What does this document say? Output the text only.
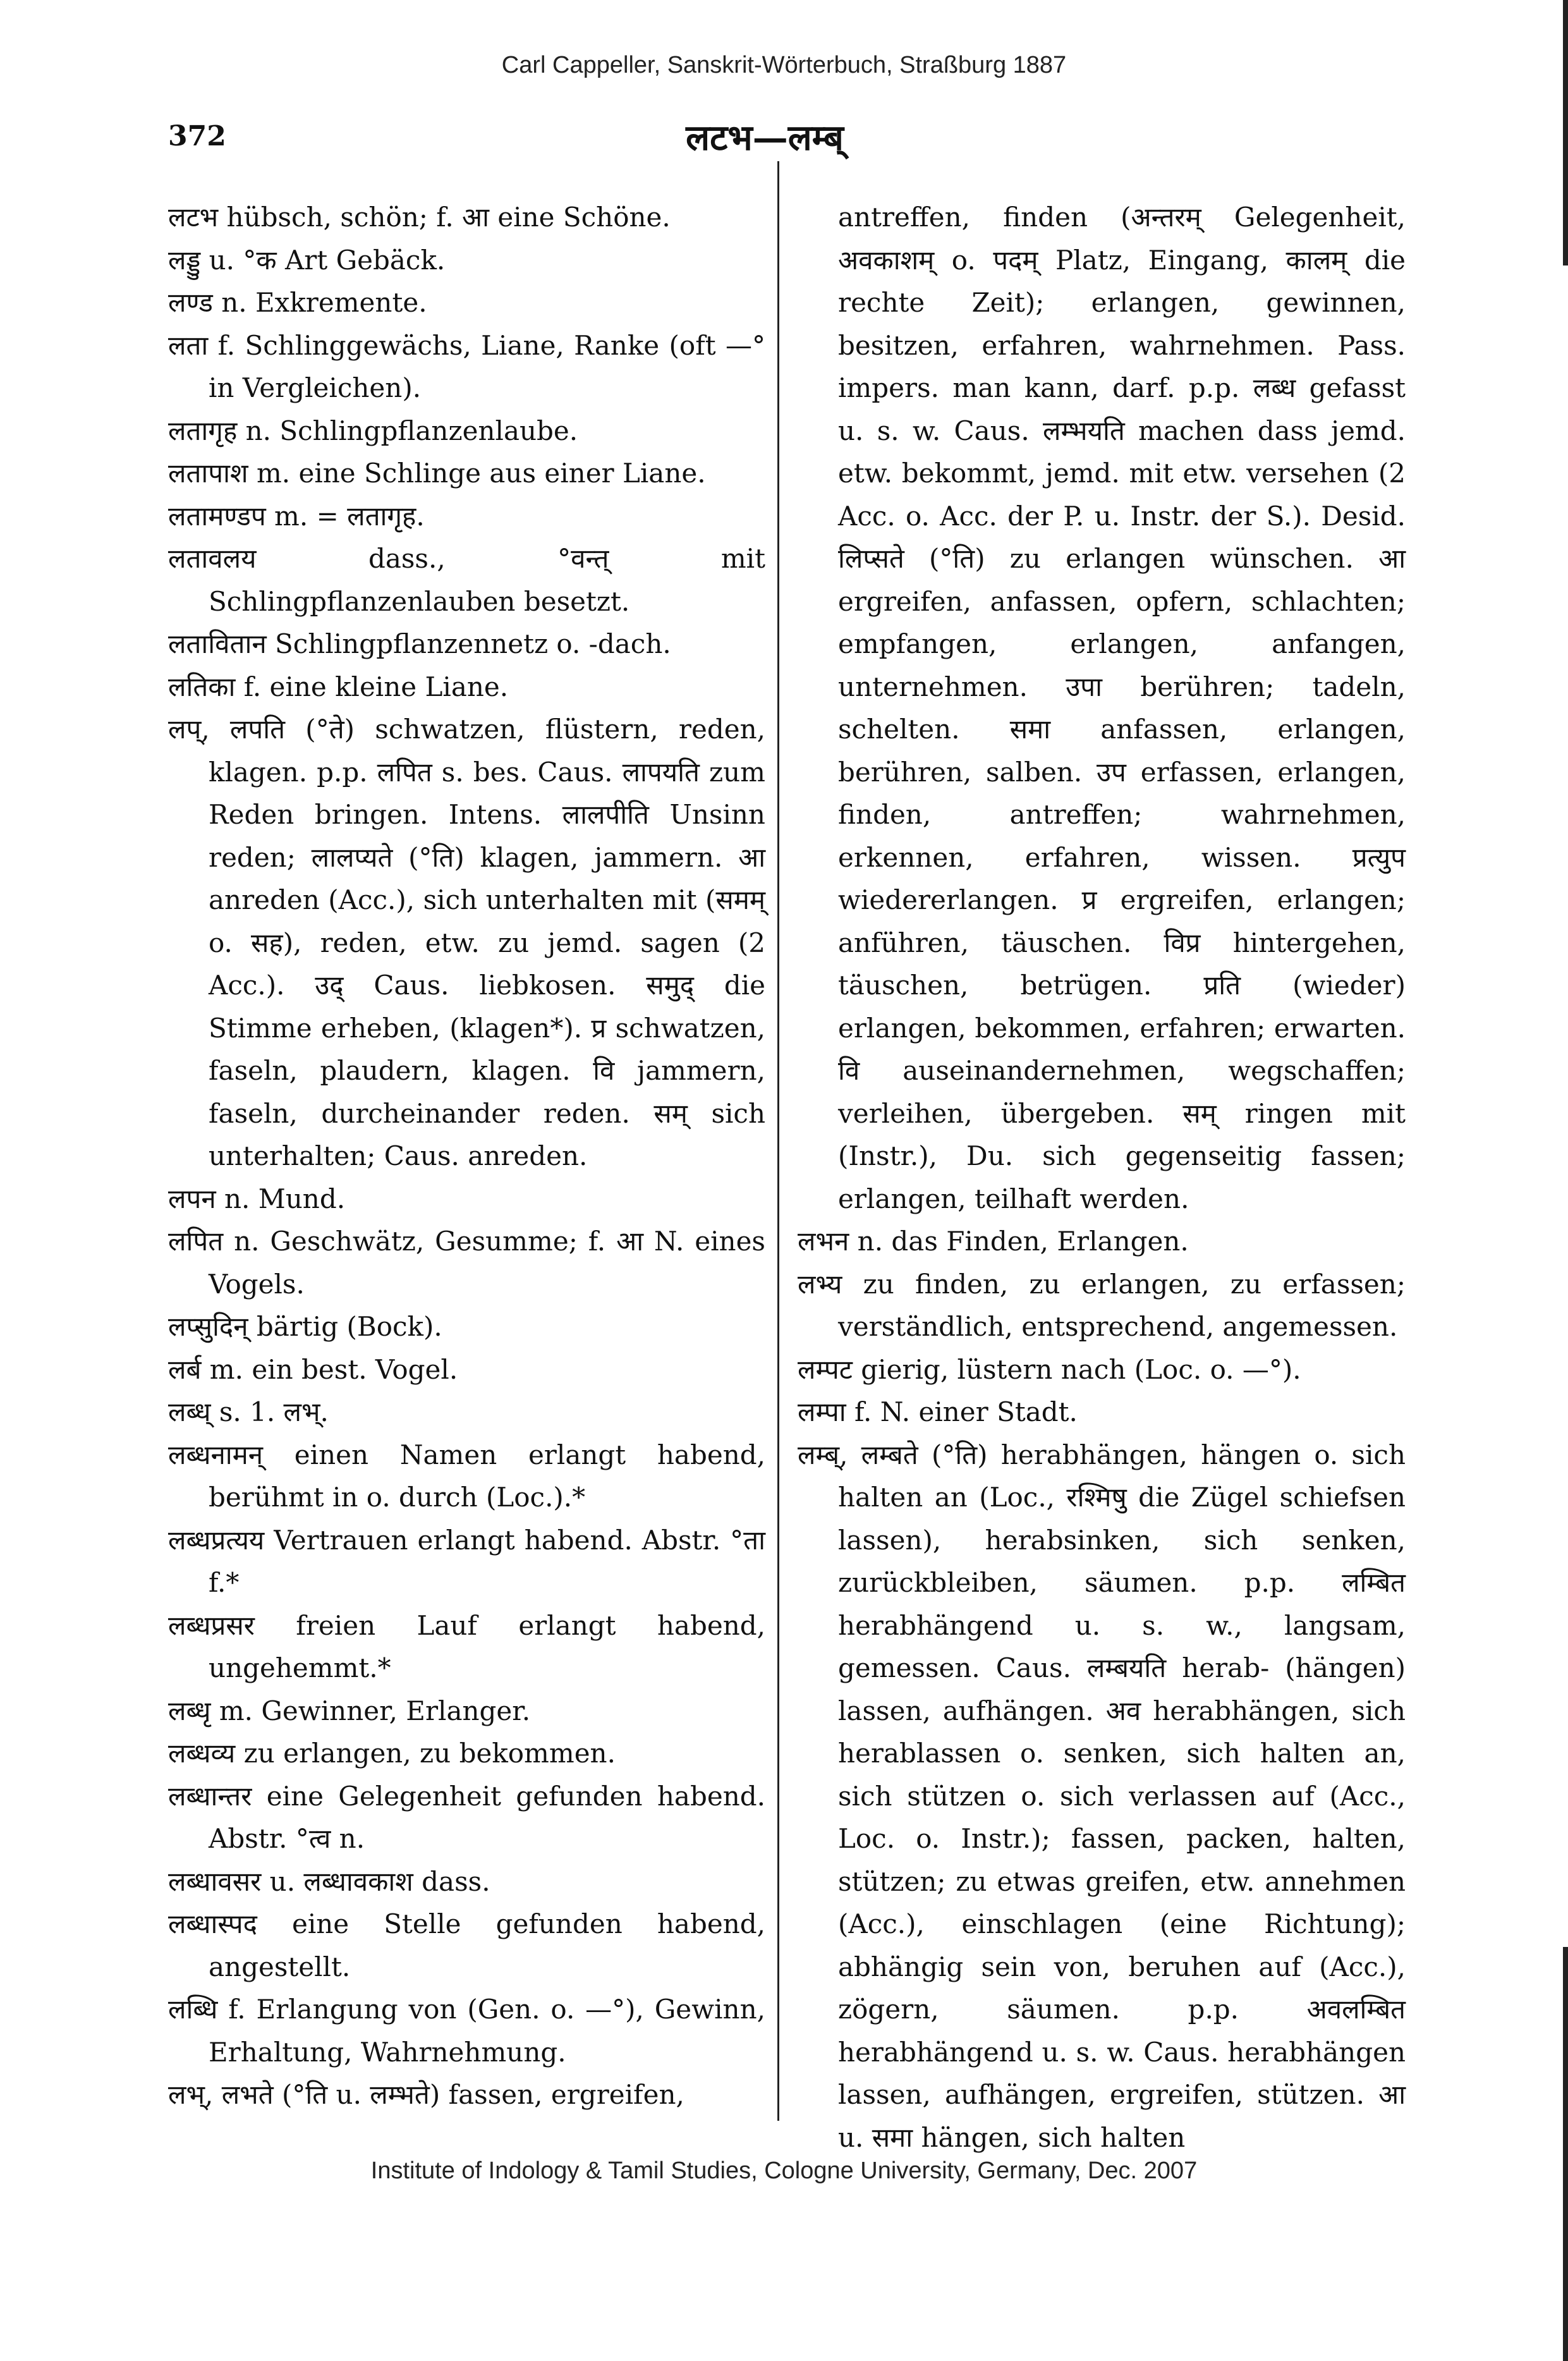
Carl Cappeller, Sanskrit-Wörterbuch, Straßburg 1887
372	लटभ—लम्ब्
लटभ hübsch, schön; f. आ eine Schöne.
लड्डु u. °क Art Gebäck.
लण्ड n. Exkremente.
लता f. Schlinggewächs, Liane, Ranke (oft —° in Vergleichen).
लतागृह n. Schlingpflanzenlaube.
लतापाश m. eine Schlinge aus einer Liane.
लतामण्डप m. = लतागृह.
लतावलय dass., °वन्त् mit Schlingpflanzenlauben besetzt.
लतावितान Schlingpflanzennetz o. -dach.
लतिका f. eine kleine Liane.
लप्, लपति (°ते) schwatzen, flüstern, reden, klagen. p.p. लपित s. bes. Caus. लापयति zum Reden bringen. Intens. लालपीति Unsinn reden; लालप्यते (°ति) klagen, jammern. आ anreden (Acc.), sich unterhalten mit (समम् o. सह), reden, etw. zu jemd. sagen (2 Acc.). उद् Caus. liebkosen. समुद् die Stimme erheben, (klagen*). प्र schwatzen, faseln, plaudern, klagen. वि jammern, faseln, durcheinander reden. सम् sich unterhalten; Caus. anreden.
लपन n. Mund.
लपित n. Geschwätz, Gesumme; f. आ N. eines Vogels.
लप्सुदिन् bärtig (Bock).
लर्ब m. ein best. Vogel.
लब्ध् s. 1. लभ्.
लब्धनामन् einen Namen erlangt habend, berühmt in o. durch (Loc.).*
लब्धप्रत्यय Vertrauen erlangt habend. Abstr. °ता f.*
लब्धप्रसर freien Lauf erlangt habend, ungehemmt.*
लब्धृ m. Gewinner, Erlanger.
लब्धव्य zu erlangen, zu bekommen.
लब्धान्तर eine Gelegenheit gefunden habend. Abstr. °त्व n.
लब्धावसर u. लब्धावकाश dass.
लब्धास्पद eine Stelle gefunden habend, angestellt.
लब्धि f. Erlangung von (Gen. o. —°), Gewinn, Erhaltung, Wahrnehmung.
लभ्, लभते (°ति u. लम्भते) fassen, ergreifen,
antreffen, finden (अन्तरम् Gelegenheit, अवकाशम् o. पदम् Platz, Eingang, कालम् die rechte Zeit); erlangen, gewinnen, besitzen, erfahren, wahrnehmen. Pass. impers. man kann, darf. p.p. लब्ध gefasst u. s. w. Caus. लम्भयति machen dass jemd. etw. bekommt, jemd. mit etw. versehen (2 Acc. o. Acc. der P. u. Instr. der S.). Desid. लिप्सते (°ति) zu erlangen wünschen. आ ergreifen, anfassen, opfern, schlachten; empfangen, erlangen, anfangen, unternehmen. उपा berühren; tadeln, schelten. समा anfassen, erlangen, berühren, salben. उप erfassen, erlangen, finden, antreffen; wahrnehmen, erkennen, erfahren, wissen. प्रत्युप wiedererlangen. प्र ergreifen, erlangen; anführen, täuschen. विप्र hintergehen, täuschen, betrügen. प्रति (wieder) erlangen, bekommen, erfahren; erwarten. वि auseinandernehmen, wegschaffen; verleihen, übergeben. सम् ringen mit (Instr.), Du. sich gegenseitig fassen; erlangen, teilhaft werden.
लभन n. das Finden, Erlangen.
लभ्य zu finden, zu erlangen, zu erfassen; verständlich, entsprechend, angemessen.
लम्पट gierig, lüstern nach (Loc. o. —°).
लम्पा f. N. einer Stadt.
लम्ब्, लम्बते (°ति) herabhängen, hängen o. sich halten an (Loc., रश्मिषु die Zügel schiefsen lassen), herabsinken, sich senken, zurückbleiben, säumen. p.p. लम्बित herabhängend u. s. w., langsam, gemessen. Caus. लम्बयति herab- (hängen) lassen, aufhängen. अव herabhängen, sich herablassen o. senken, sich halten an, sich stützen o. sich verlassen auf (Acc., Loc. o. Instr.); fassen, packen, halten, stützen; zu etwas greifen, etw. annehmen (Acc.), einschlagen (eine Richtung); abhängig sein von, beruhen auf (Acc.), zögern, säumen. p.p. अवलम्बित herabhängend u. s. w. Caus. herabhängen lassen, aufhängen, ergreifen, stützen. आ u. समा hängen, sich halten
Institute of Indology & Tamil Studies, Cologne University, Germany, Dec. 2007
